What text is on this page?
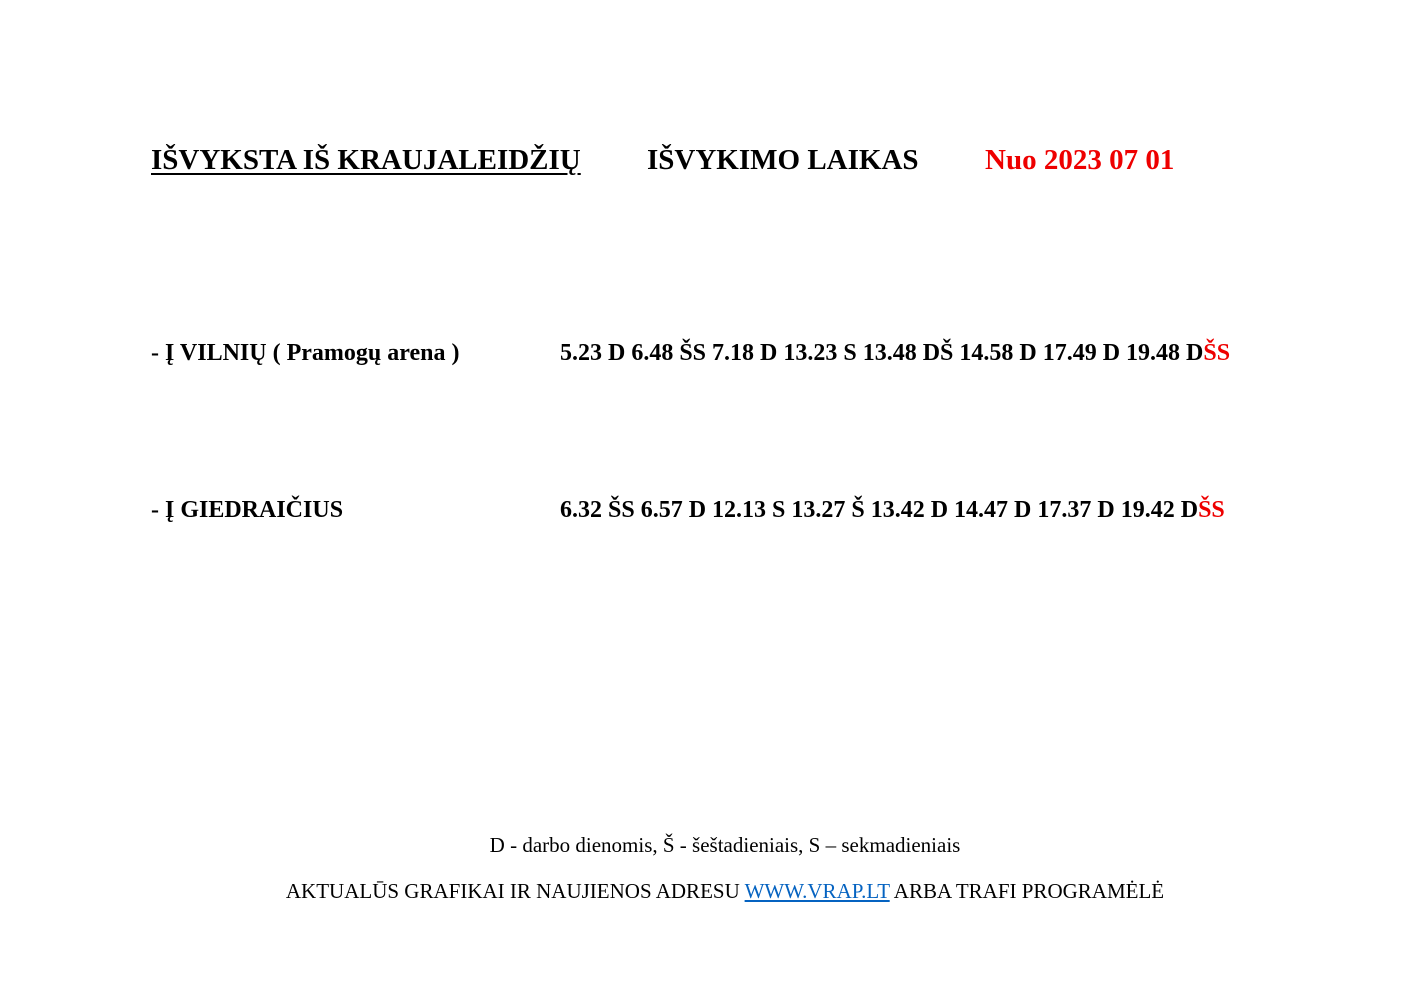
IŠVYKSTA IŠ KRAUJALEIDŽIŲ IŠVYKIMO LAIKAS Nuo 2023 07 01
- Į VILNIŲ ( Pramogų arena )	5.23 D 6.48 ŠS 7.18 D 13.23 S 13.48 DŠ 14.58 D 17.49 D 19.48 DŠS
- Į GIEDRAIČIUS	6.32 ŠS 6.57 D 12.13 S 13.27 Š 13.42 D 14.47 D 17.37 D 19.42 DŠS
D - darbo dienomis, Š - šeštadieniais, S – sekmadieniais
AKTUALŪS GRAFIKAI IR NAUJIENOS ADRESU WWW.VRAP.LT ARBA TRAFI PROGRAMĖLĖ
